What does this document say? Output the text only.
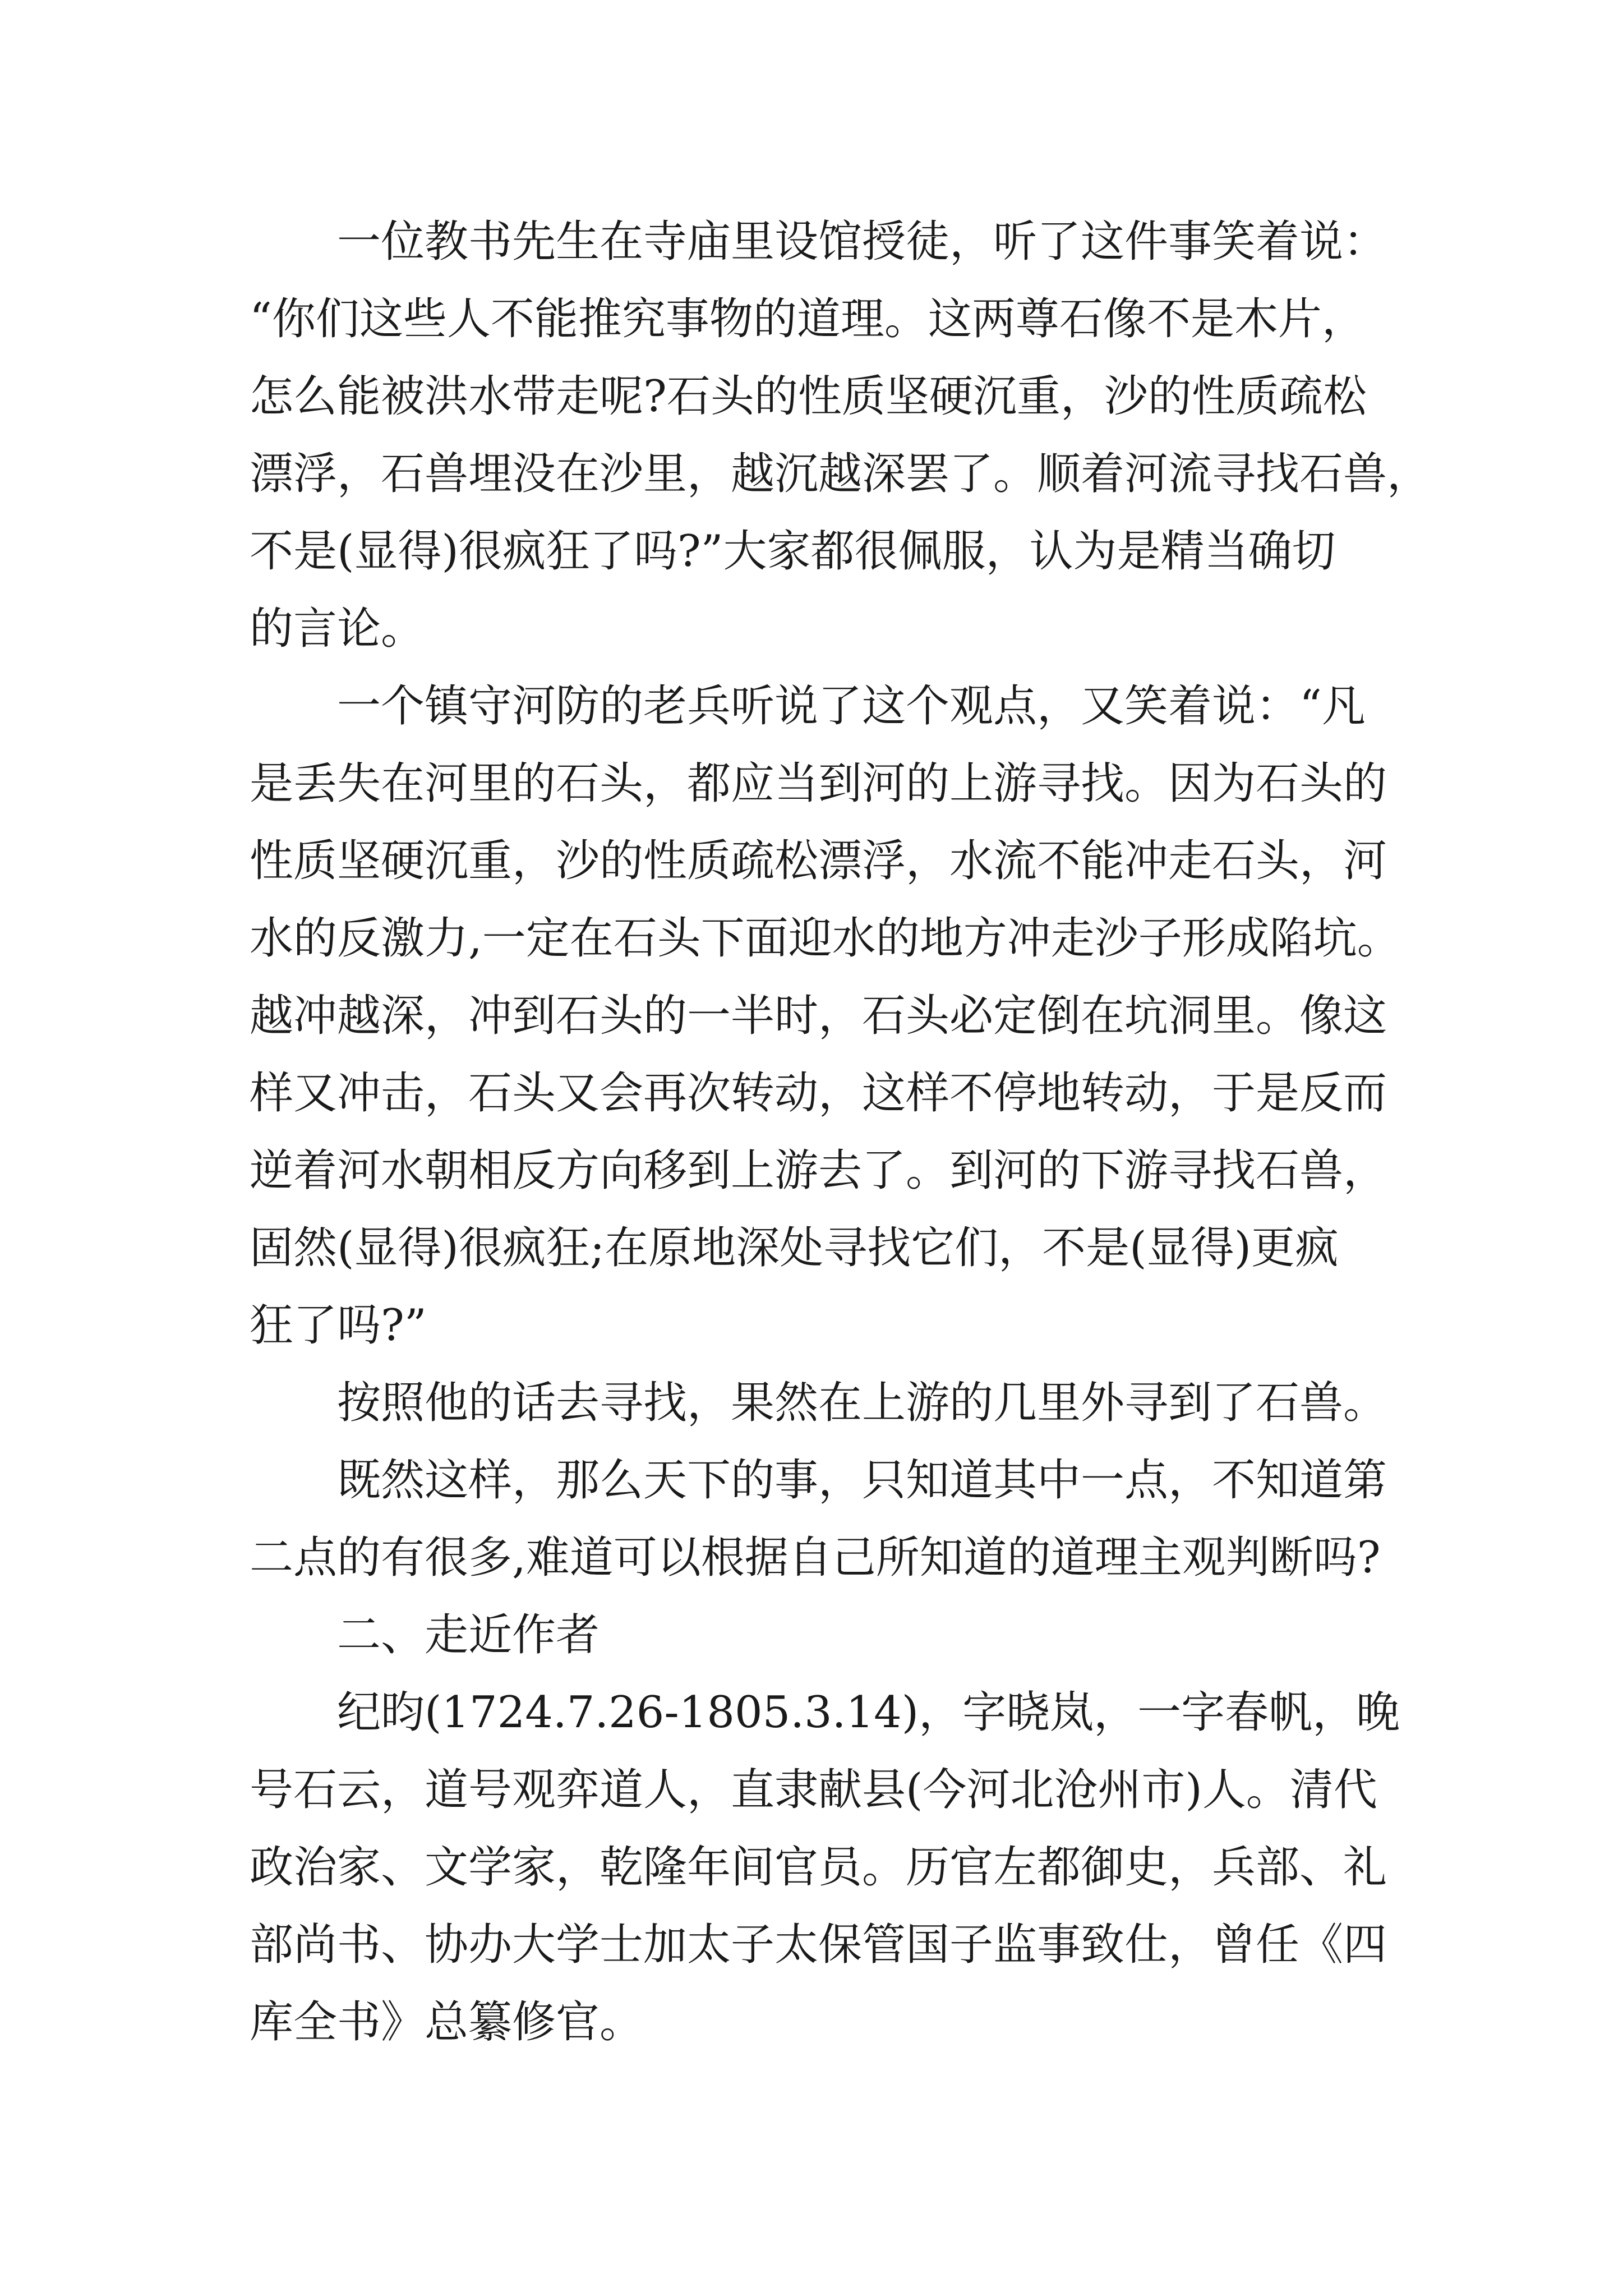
一位教书先生在寺庙里设馆授徒，听了这件事笑着说：
“你们这些人不能推究事物的道理。这两尊石像不是木片，
怎么能被洪水带走呢?石头的性质坚硬沉重，沙的性质疏松
漂浮，石兽埋没在沙里，越沉越深罢了。顺着河流寻找石兽，
不是(显得)很疯狂了吗?”大家都很佩服，认为是精当确切
的言论。
一个镇守河防的老兵听说了这个观点，又笑着说：“凡
是丢失在河里的石头，都应当到河的上游寻找。因为石头的
性质坚硬沉重，沙的性质疏松漂浮，水流不能冲走石头，河
水的反激力,一定在石头下面迎水的地方冲走沙子形成陷坑。
越冲越深，冲到石头的一半时，石头必定倒在坑洞里。像这
样又冲击，石头又会再次转动，这样不停地转动，于是反而
逆着河水朝相反方向移到上游去了。到河的下游寻找石兽，
固然(显得)很疯狂;在原地深处寻找它们，不是(显得)更疯
狂了吗?”
按照他的话去寻找，果然在上游的几里外寻到了石兽。
既然这样，那么天下的事，只知道其中一点，不知道第
二点的有很多,难道可以根据自己所知道的道理主观判断吗?
二、走近作者
纪昀(1724.7.26-1805.3.14)，字晓岚，一字春帆，晚
号石云，道号观弈道人，直隶献县(今河北沧州市)人。清代
政治家、文学家，乾隆年间官员。历官左都御史，兵部、礼
部尚书、协办大学士加太子太保管国子监事致仕，曾任《四
库全书》总纂修官。
